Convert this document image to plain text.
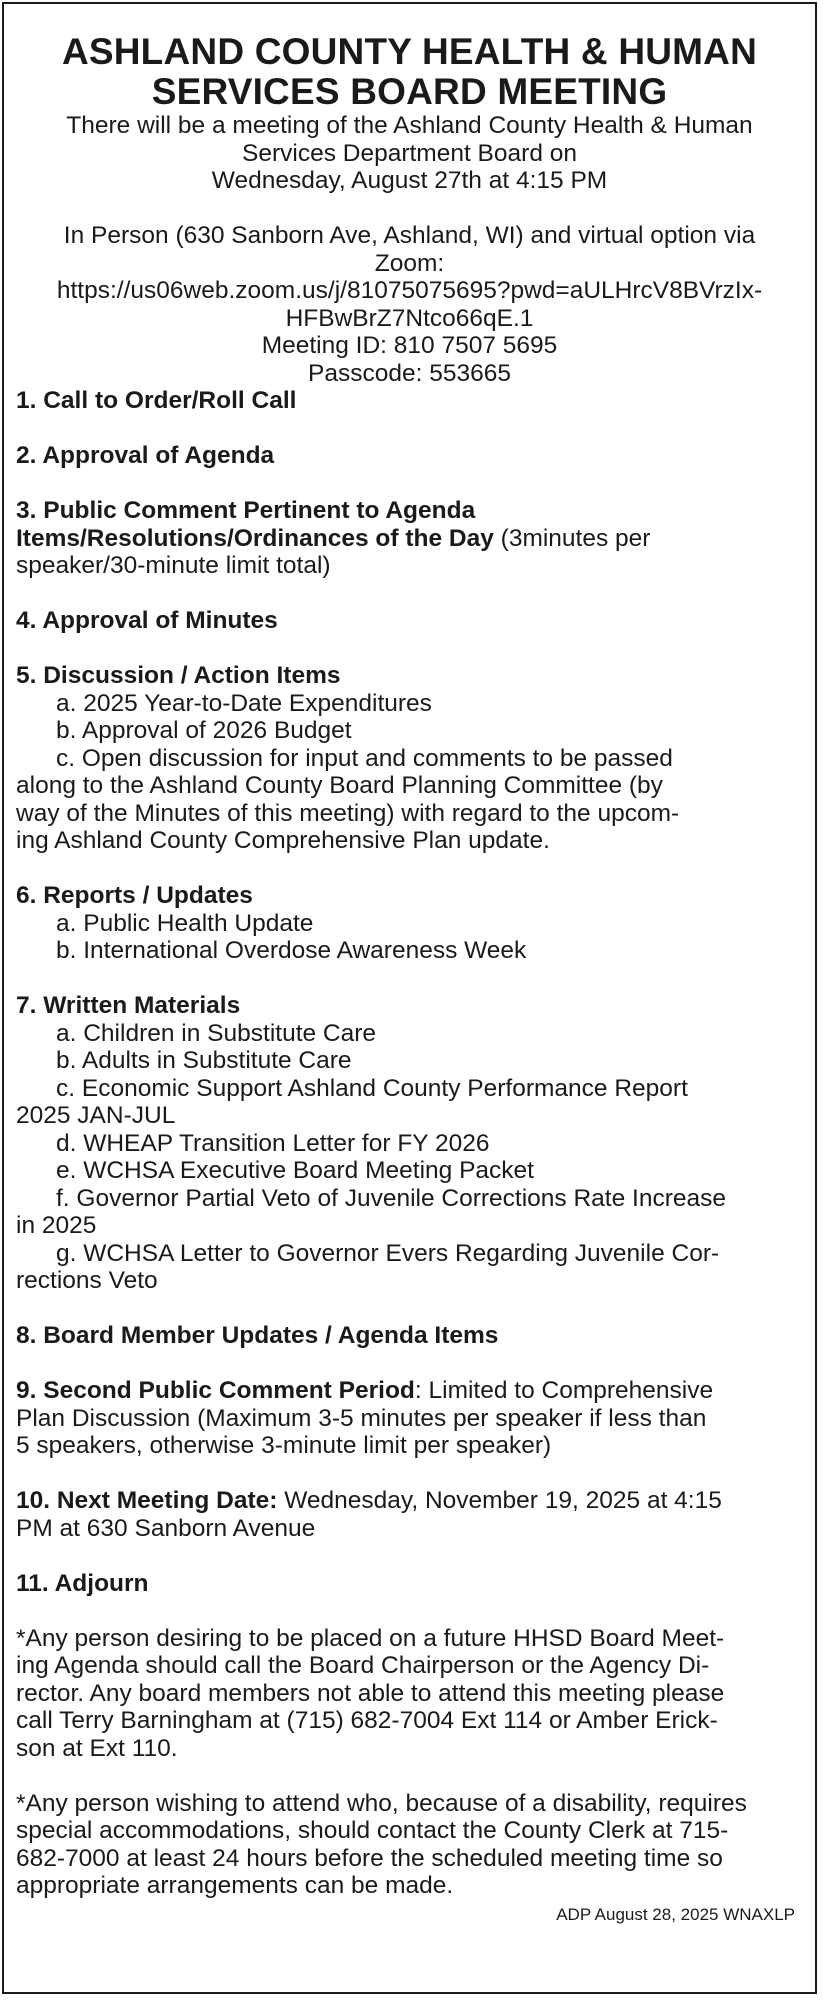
ASHLAND COUNTY HEALTH & HUMAN
SERVICES BOARD MEETING

There will be a meeting of the Ashland County Health & Human

Services Department Board on

Wednesday, August 27th at 4:15 PM

In Person (630 Sanborn Ave, Ashland, WI) and virtual option via

Zoom:

https://us06web.zoom.us/j/81075075695?pwd=aULHrcV8BVrzIx-

HFBwBrZ7Ntco66qE.1

Meeting ID: 810 7507 5695

Passcode: 553665

1. Call to Order/Roll Call

2. Approval of Agenda

3. Public Comment Pertinent to Agenda

Items/Resolutions/Ordinances of the Day (3minutes per

speaker/30-minute limit total)

4. Approval of Minutes

5. Discussion / Action Items

a. 2025 Year-to-Date Expenditures

b. Approval of 2026 Budget

c. Open discussion for input and comments to be passed

along to the Ashland County Board Planning Committee (by

way of the Minutes of this meeting) with regard to the upcom-

ing Ashland County Comprehensive Plan update.

6. Reports / Updates

a. Public Health Update

b. International Overdose Awareness Week

7. Written Materials

a. Children in Substitute Care

b. Adults in Substitute Care

c. Economic Support Ashland County Performance Report

2025 JAN-JUL

d. WHEAP Transition Letter for FY 2026

e. WCHSA Executive Board Meeting Packet

f. Governor Partial Veto of Juvenile Corrections Rate Increase

in 2025

g. WCHSA Letter to Governor Evers Regarding Juvenile Cor-

rections Veto

8. Board Member Updates / Agenda Items

9. Second Public Comment Period: Limited to Comprehensive

Plan Discussion (Maximum 3-5 minutes per speaker if less than

5 speakers, otherwise 3-minute limit per speaker)

10. Next Meeting Date: Wednesday, November 19, 2025 at 4:15

PM at 630 Sanborn Avenue

11. Adjourn

*Any person desiring to be placed on a future HHSD Board Meet-

ing Agenda should call the Board Chairperson or the Agency Di-

rector. Any board members not able to attend this meeting please

call Terry Barningham at (715) 682-7004 Ext 114 or Amber Erick-

son at Ext 110.

*Any person wishing to attend who, because of a disability, requires

special accommodations, should contact the County Clerk at 715-

682-7000 at least 24 hours before the scheduled meeting time so

appropriate arrangements can be made.

ADP August 28, 2025 WNAXLP
